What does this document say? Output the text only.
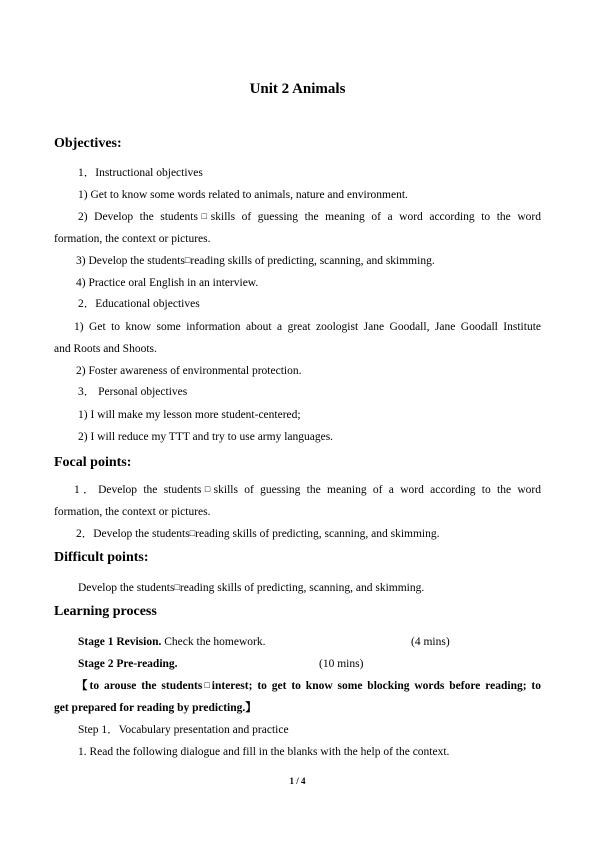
Unit 2 Animals
Objectives:
1．Instructional objectives
1) Get to know some words related to animals, nature and environment.
2) Develop the students□skills of guessing the meaning of a word according to the word
formation, the context or pictures.
3) Develop the students□reading skills of predicting, scanning, and skimming.
4) Practice oral English in an interview.
2．Educational objectives
1) Get to know some information about a great zoologist Jane Goodall, Jane Goodall Institute
and Roots and Shoots.
2) Foster awareness of environmental protection.
3． Personal objectives
1) I will make my lesson more student-centered;
2) I will reduce my TTT and try to use army languages.
Focal points:
1．Develop the students□skills of guessing the meaning of a word according to the word
formation, the context or pictures.
2．Develop the students□reading skills of predicting, scanning, and skimming.
Difficult points:
Develop the students□reading skills of predicting, scanning, and skimming.
Learning process
Stage 1 Revision. Check the homework.	(4 mins)
Stage 2 Pre-reading.	(10 mins)
【to arouse the students□interest; to get to know some blocking words before reading; to
get prepared for reading by predicting.】
Step 1．Vocabulary presentation and practice
1. Read the following dialogue and fill in the blanks with the help of the context.
1 / 4
